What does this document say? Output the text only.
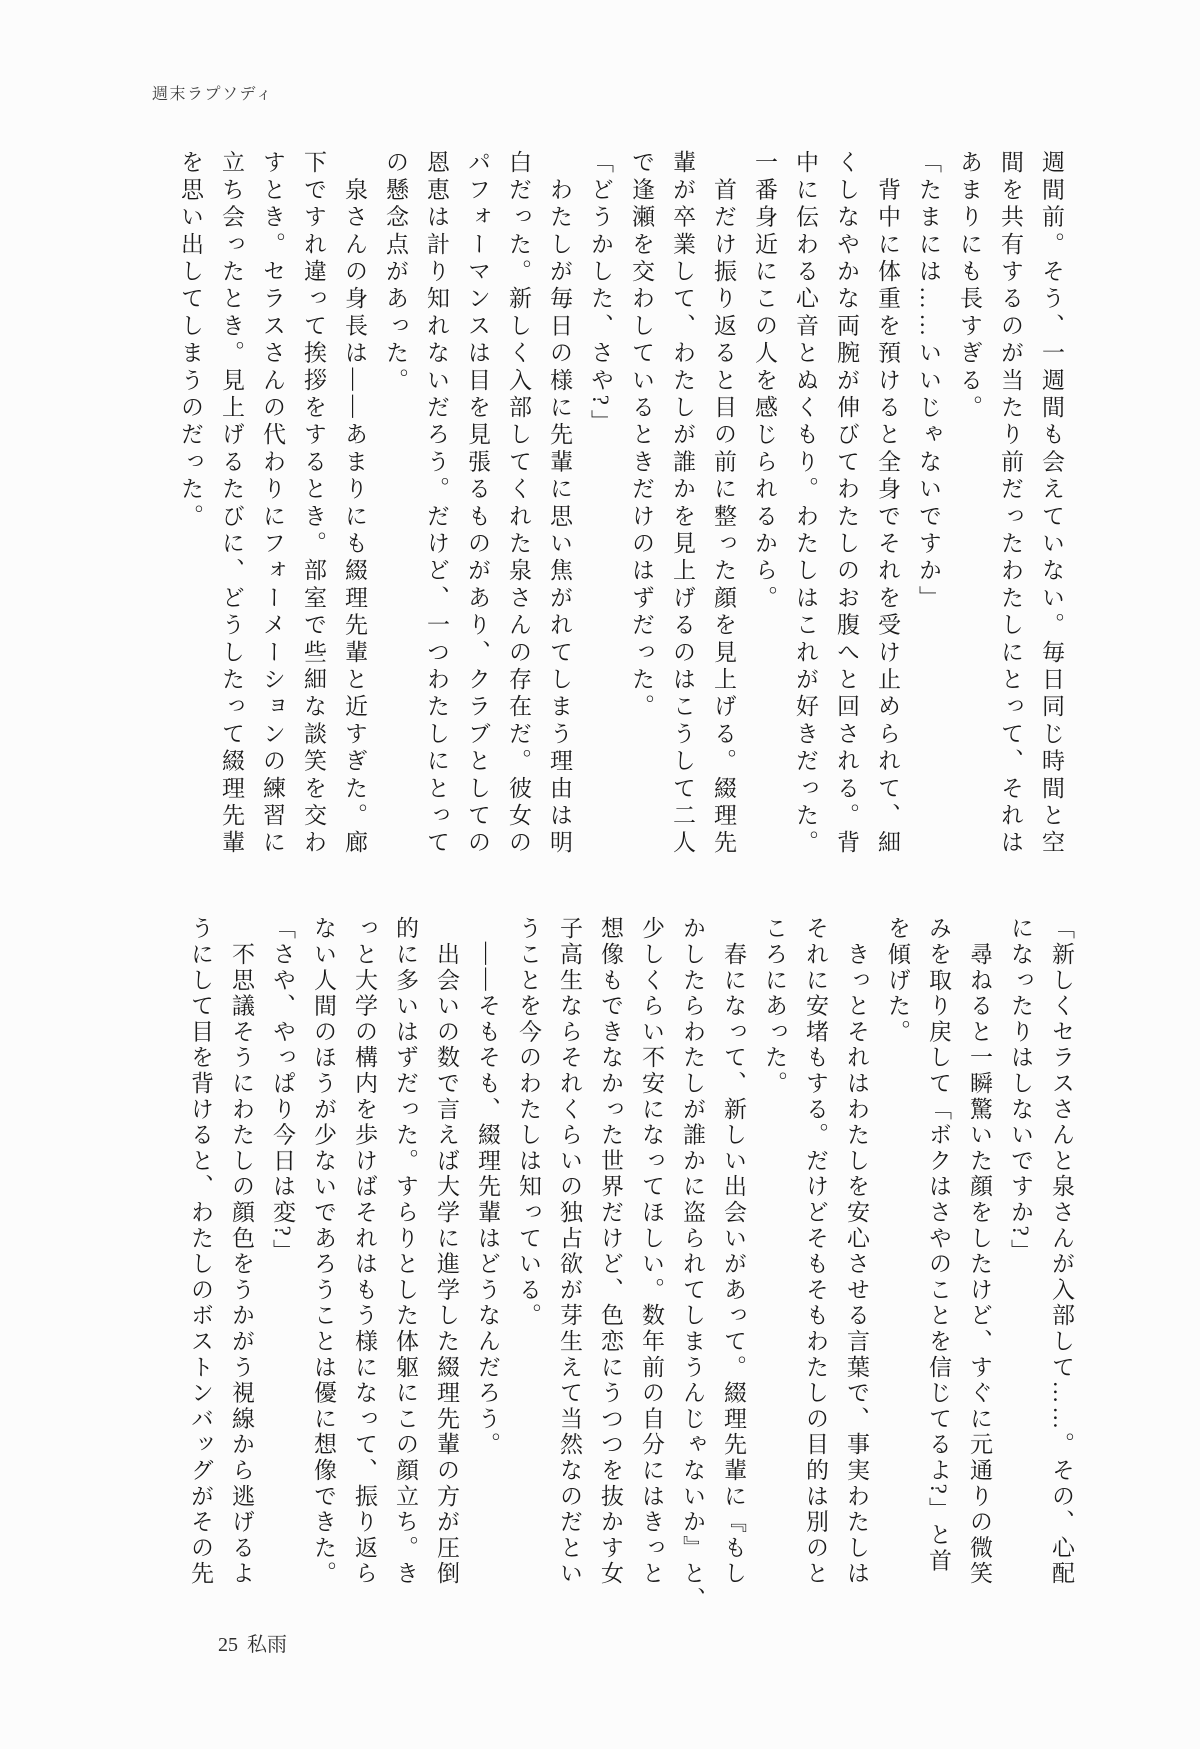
週末ラプソディ

週間前。そう、一週間も会えていない。毎日同じ時間と空

間を共有するのが当たり前だったわたしにとって、それは

あまりにも長すぎる。

「たまには……いいじゃないですか」

　背中に体重を預けると全身でそれを受け止められて、細

くしなやかな両腕が伸びてわたしのお腹へと回される。背

中に伝わる心音とぬくもり。わたしはこれが好きだった。

一番身近にこの人を感じられるから。

　首だけ振り返ると目の前に整った顔を見上げる。綴理先

輩が卒業して、わたしが誰かを見上げるのはこうして二人

で逢瀬を交わしているときだけのはずだった。

「どうかした、さや?」

　わたしが毎日の様に先輩に思い焦がれてしまう理由は明

白だった。新しく入部してくれた泉さんの存在だ。彼女の

パフォーマンスは目を見張るものがあり、クラブとしての

恩恵は計り知れないだろう。だけど、一つわたしにとって

の懸念点があった。

　泉さんの身長は——あまりにも綴理先輩と近すぎた。廊

下ですれ違って挨拶をするとき。部室で些細な談笑を交わ

すとき。セラスさんの代わりにフォーメーションの練習に

立ち会ったとき。見上げるたびに、どうしたって綴理先輩

を思い出してしまうのだった。

「新しくセラスさんと泉さんが入部して……。その、心配

になったりはしないですか?」

　尋ねると一瞬驚いた顔をしたけど、すぐに元通りの微笑

みを取り戻して「ボクはさやのことを信じてるよ?」と首

を傾げた。

　きっとそれはわたしを安心させる言葉で、事実わたしは

それに安堵もする。だけどそもそもわたしの目的は別のと

ころにあった。

　春になって、新しい出会いがあって。綴理先輩に『もし

かしたらわたしが誰かに盗られてしまうんじゃないか』と、

少しくらい不安になってほしい。数年前の自分にはきっと

想像もできなかった世界だけど、色恋にうつつを抜かす女

子高生ならそれくらいの独占欲が芽生えて当然なのだとい

うことを今のわたしは知っている。

　——そもそも、綴理先輩はどうなんだろう。

　出会いの数で言えば大学に進学した綴理先輩の方が圧倒

的に多いはずだった。すらりとした体躯にこの顔立ち。き

っと大学の構内を歩けばそれはもう様になって、振り返ら

ない人間のほうが少ないであろうことは優に想像できた。

「さや、やっぱり今日は変?」

　不思議そうにわたしの顔色をうかがう視線から逃げるよ

うにして目を背けると、わたしのボストンバッグがその先

25 私雨
